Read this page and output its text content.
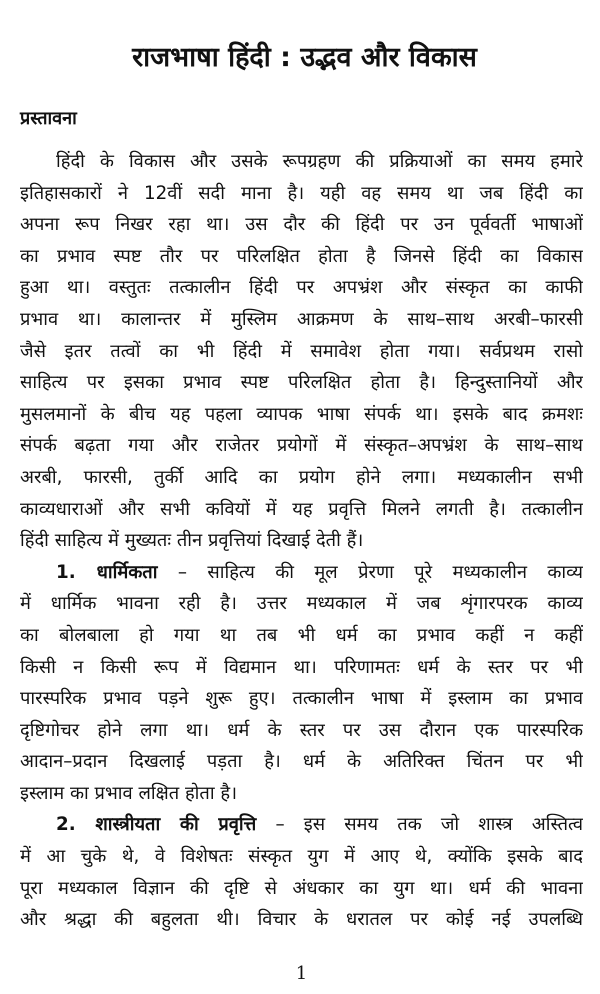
राजभाषा हिंदी : उद्भव और विकास
प्रस्तावना
हिंदी के विकास और उसके रूपग्रहण की प्रक्रियाओं का समय हमारे
इतिहासकारों ने 12वीं सदी माना है। यही वह समय था जब हिंदी का
अपना रूप निखर रहा था। उस दौर की हिंदी पर उन पूर्ववर्ती भाषाओं
का प्रभाव स्पष्ट तौर पर परिलक्षित होता है जिनसे हिंदी का विकास
हुआ था। वस्तुतः तत्कालीन हिंदी पर अपभ्रंश और संस्कृत का काफी
प्रभाव था। कालान्तर में मुस्लिम आक्रमण के साथ–साथ अरबी–फारसी
जैसे इतर तत्वों का भी हिंदी में समावेश होता गया। सर्वप्रथम रासो
साहित्य पर इसका प्रभाव स्पष्ट परिलक्षित होता है। हिन्दुस्तानियों और
मुसलमानों के बीच यह पहला व्यापक भाषा संपर्क था। इसके बाद क्रमशः
संपर्क बढ़ता गया और राजेतर प्रयोगों में संस्कृत–अपभ्रंश के साथ–साथ
अरबी, फारसी, तुर्की आदि का प्रयोग होने लगा। मध्यकालीन सभी
काव्यधाराओं और सभी कवियों में यह प्रवृत्ति मिलने लगती है। तत्कालीन
हिंदी साहित्य में मुख्यतः तीन प्रवृत्तियां दिखाई देती हैं।
1. धार्मिकता – साहित्य की मूल प्रेरणा पूरे मध्यकालीन काव्य
में धार्मिक भावना रही है। उत्तर मध्यकाल में जब शृंगारपरक काव्य
का बोलबाला हो गया था तब भी धर्म का प्रभाव कहीं न कहीं
किसी न किसी रूप में विद्यमान था। परिणामतः धर्म के स्तर पर भी
पारस्परिक प्रभाव पड़ने शुरू हुए। तत्कालीन भाषा में इस्लाम का प्रभाव
दृष्टिगोचर होने लगा था। धर्म के स्तर पर उस दौरान एक पारस्परिक
आदान–प्रदान दिखलाई पड़ता है। धर्म के अतिरिक्त चिंतन पर भी
इस्लाम का प्रभाव लक्षित होता है।
2. शास्त्रीयता की प्रवृत्ति – इस समय तक जो शास्त्र अस्तित्व
में आ चुके थे, वे विशेषतः संस्कृत युग में आए थे, क्योंकि इसके बाद
पूरा मध्यकाल विज्ञान की दृष्टि से अंधकार का युग था। धर्म की भावना
और श्रद्धा की बहुलता थी। विचार के धरातल पर कोई नई उपलब्धि
1
